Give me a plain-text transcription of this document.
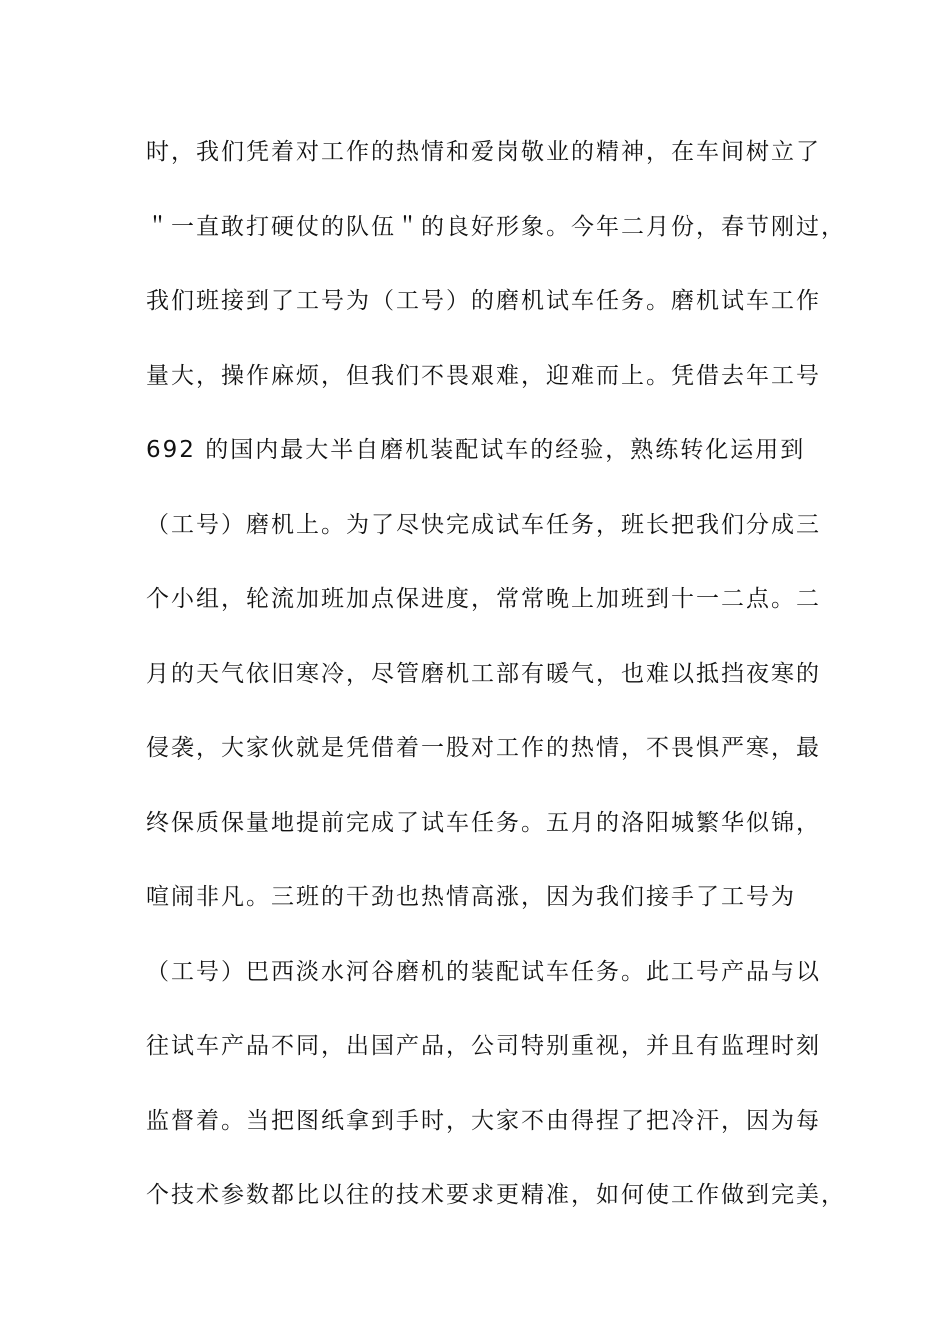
时，我们凭着对工作的热情和爱岗敬业的精神，在车间树立了
＂一直敢打硬仗的队伍＂的良好形象。今年二月份，春节刚过，
我们班接到了工号为（工号）的磨机试车任务。磨机试车工作
量大，操作麻烦，但我们不畏艰难，迎难而上。凭借去年工号
692 的国内最大半自磨机装配试车的经验，熟练转化运用到
（工号）磨机上。为了尽快完成试车任务，班长把我们分成三
个小组，轮流加班加点保进度，常常晚上加班到十一二点。二
月的天气依旧寒冷，尽管磨机工部有暖气，也难以抵挡夜寒的
侵袭，大家伙就是凭借着一股对工作的热情，不畏惧严寒，最
终保质保量地提前完成了试车任务。五月的洛阳城繁华似锦，
喧闹非凡。三班的干劲也热情高涨，因为我们接手了工号为
（工号）巴西淡水河谷磨机的装配试车任务。此工号产品与以
往试车产品不同，出国产品，公司特别重视，并且有监理时刻
监督着。当把图纸拿到手时，大家不由得捏了把冷汗，因为每
个技术参数都比以往的技术要求更精准，如何使工作做到完美，
